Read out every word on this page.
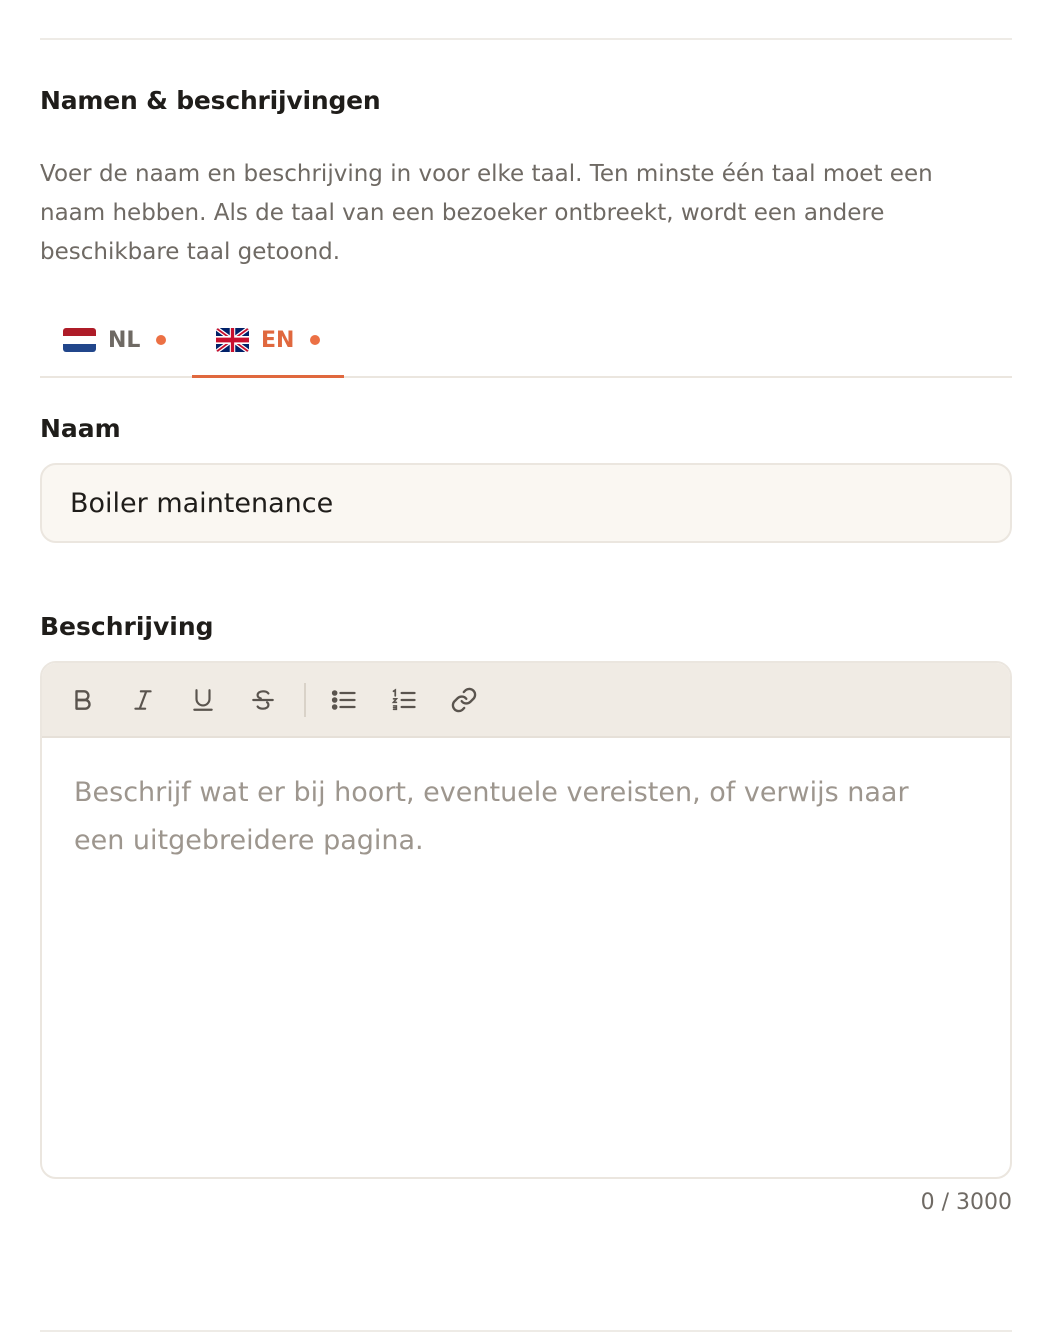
Namen & beschrijvingen
Voer de naam en beschrijving in voor elke taal. Ten minste één taal moet een naam hebben. Als de taal van een bezoeker ontbreekt, wordt een andere beschikbare taal getoond.
NL	EN
Naam
Boiler maintenance
Beschrijving
Beschrijf wat er bij hoort, eventuele vereisten, of verwijs naar een uitgebreidere pagina.
0 / 3000
